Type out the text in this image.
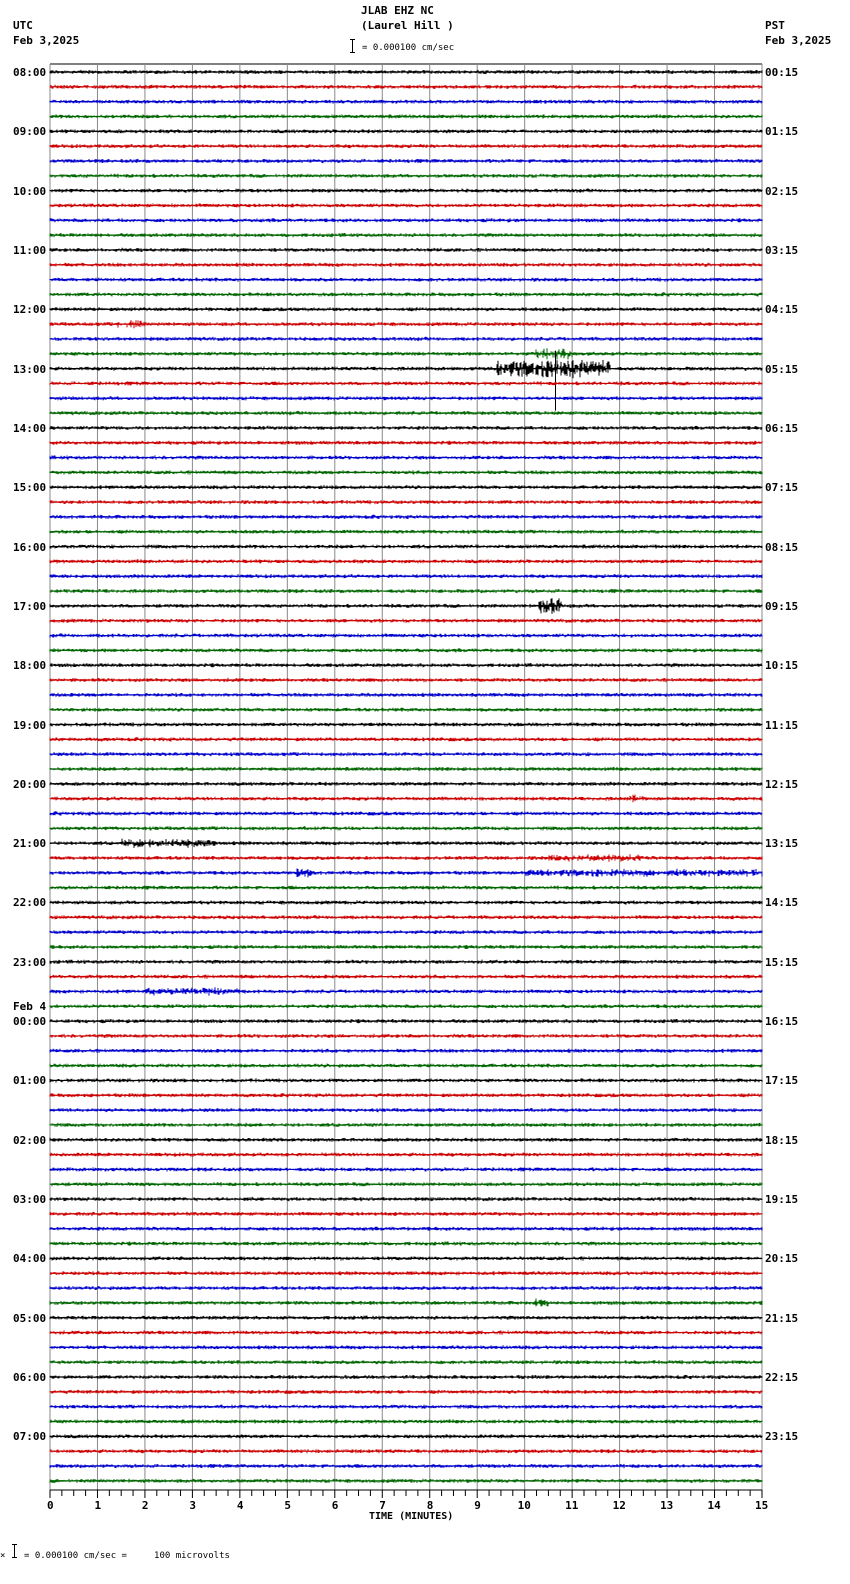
JLAB EHZ NC
(Laurel Hill )
= 0.000100 cm/sec
UTC
Feb 3,2025
PST
Feb 3,2025
08:00
09:00
10:00
11:00
12:00
13:00
14:00
15:00
16:00
17:00
18:00
19:00
20:00
21:00
22:00
23:00
Feb 4
00:00
01:00
02:00
03:00
04:00
05:00
06:00
07:00
00:15
01:15
02:15
03:15
04:15
05:15
06:15
07:15
08:15
09:15
10:15
11:15
12:15
13:15
14:15
15:15
16:15
17:15
18:15
19:15
20:15
21:15
22:15
23:15
TIME (MINUTES)
0	1	2	3	4	5	6	7	8	9	10	11	12	13	14	15
× = 0.000100 cm/sec =     100 microvolts
